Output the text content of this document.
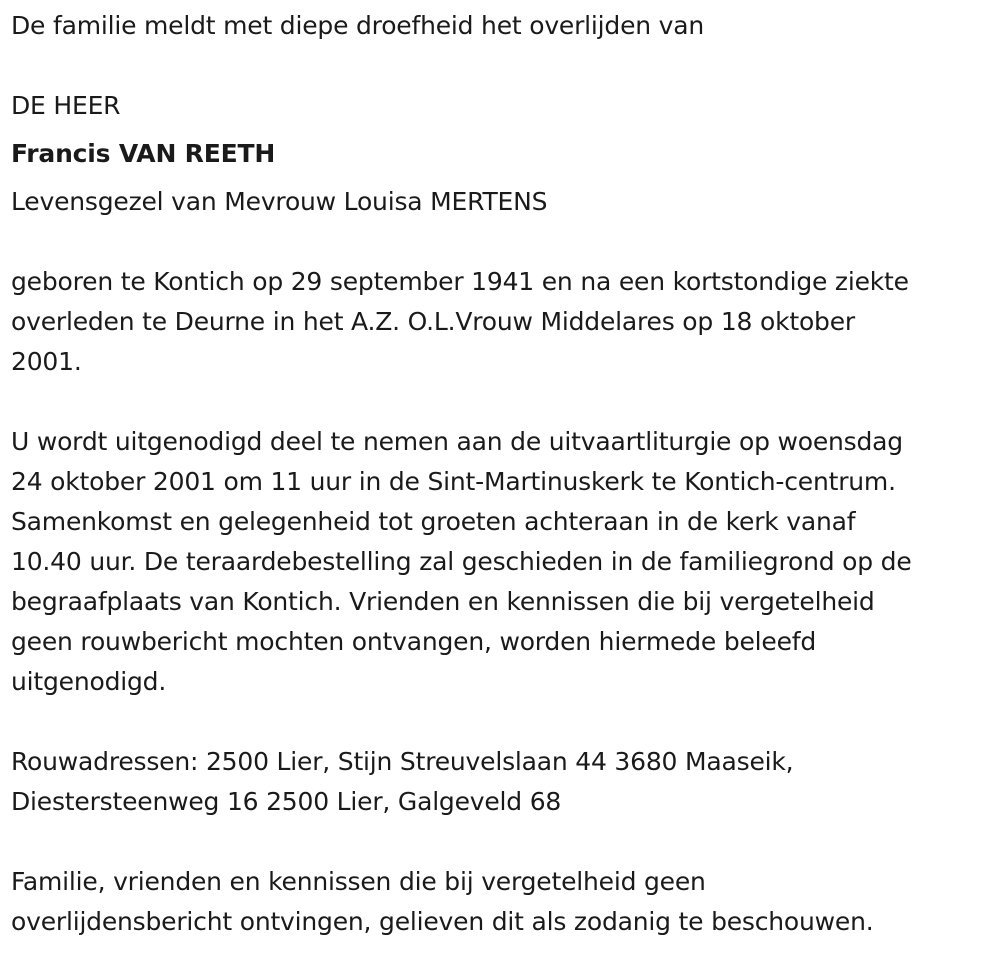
De familie meldt met diepe droefheid het overlijden van

DE HEER

Francis VAN REETH

Levensgezel van Mevrouw Louisa MERTENS

geboren te Kontich op 29 september 1941 en na een kortstondige ziekte

overleden te Deurne in het A.Z. O.L.Vrouw Middelares op 18 oktober

2001.

U wordt uitgenodigd deel te nemen aan de uitvaartliturgie op woensdag

24 oktober 2001 om 11 uur in de Sint-Martinuskerk te Kontich-centrum.

Samenkomst en gelegenheid tot groeten achteraan in de kerk vanaf

10.40 uur. De teraardebestelling zal geschieden in de familiegrond op de

begraafplaats van Kontich. Vrienden en kennissen die bij vergetelheid

geen rouwbericht mochten ontvangen, worden hiermede beleefd

uitgenodigd.

Rouwadressen: 2500 Lier, Stijn Streuvelslaan 44 3680 Maaseik,

Diestersteenweg 16 2500 Lier, Galgeveld 68

Familie, vrienden en kennissen die bij vergetelheid geen

overlijdensbericht ontvingen, gelieven dit als zodanig te beschouwen.
